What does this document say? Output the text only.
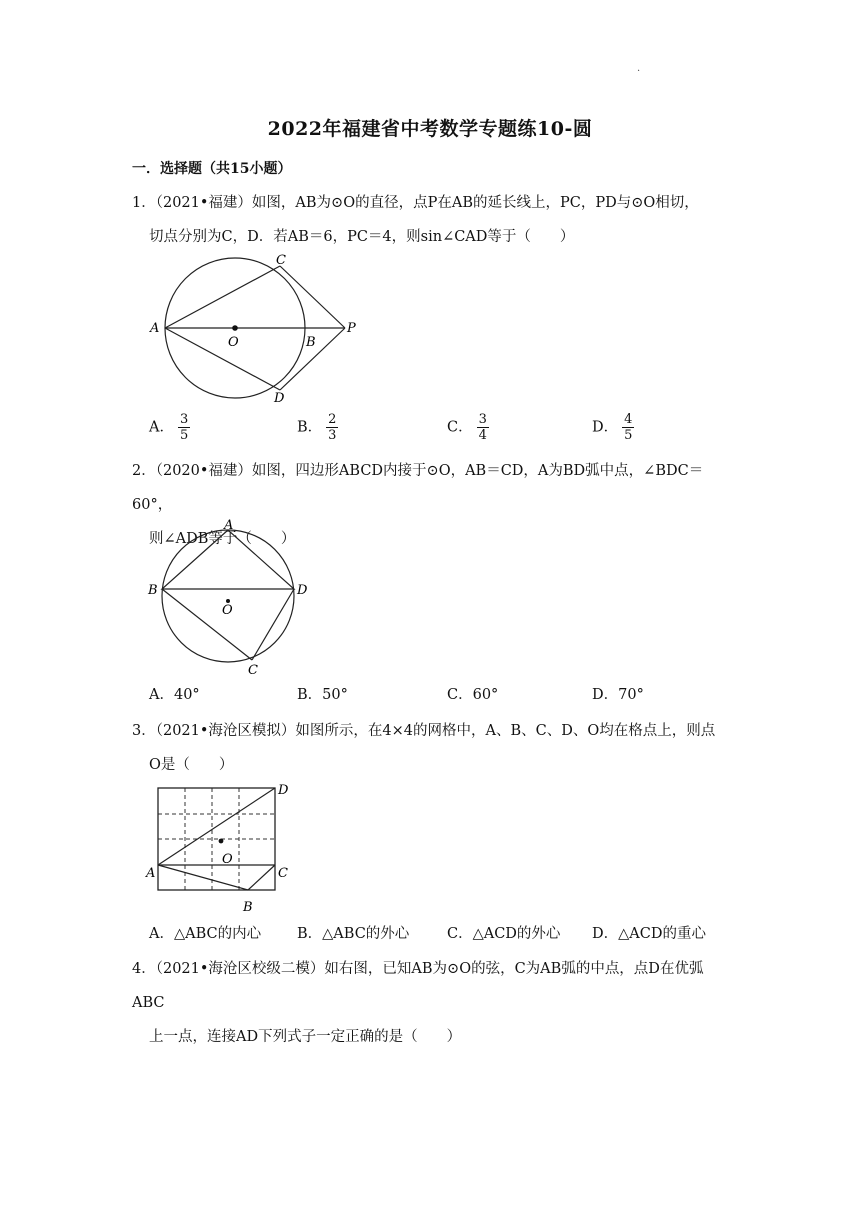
·
2022年福建省中考数学专题练10-圆
一．选择题（共15小题）
1．（2021•福建）如图，AB为⊙O的直径，点P在AB的延长线上，PC，PD与⊙O相切，
切点分别为C，D．若AB＝6，PC＝4，则sin∠CAD等于（　　）
A
O	B
P
C
D
A． $\frac{3}{5}$	B． $\frac{2}{3}$	C． $\frac{3}{4}$	D． $\frac{4}{5}$
2．（2020•福建）如图，四边形ABCD内接于⊙O，AB＝CD，A为BD弧中点，∠BDC＝60°，
则∠ADB等于（　　）
A
B	D
C
O
A．40°	B．50°	C．60°	D．70°
3．（2021•海沧区模拟）如图所示，在4×4的网格中，A、B、C、D、O均在格点上，则点
O是（　　）
A
B
C
D
O
A．△ABC的内心 B．△ABC的外心	C．△ACD的外心 D．△ACD的重心
4．（2021•海沧区校级二模）如右图，已知AB为⊙O的弦，C为AB弧的中点，点D在优弧ABC
上一点，连接AD下列式子一定正确的是（　　）
